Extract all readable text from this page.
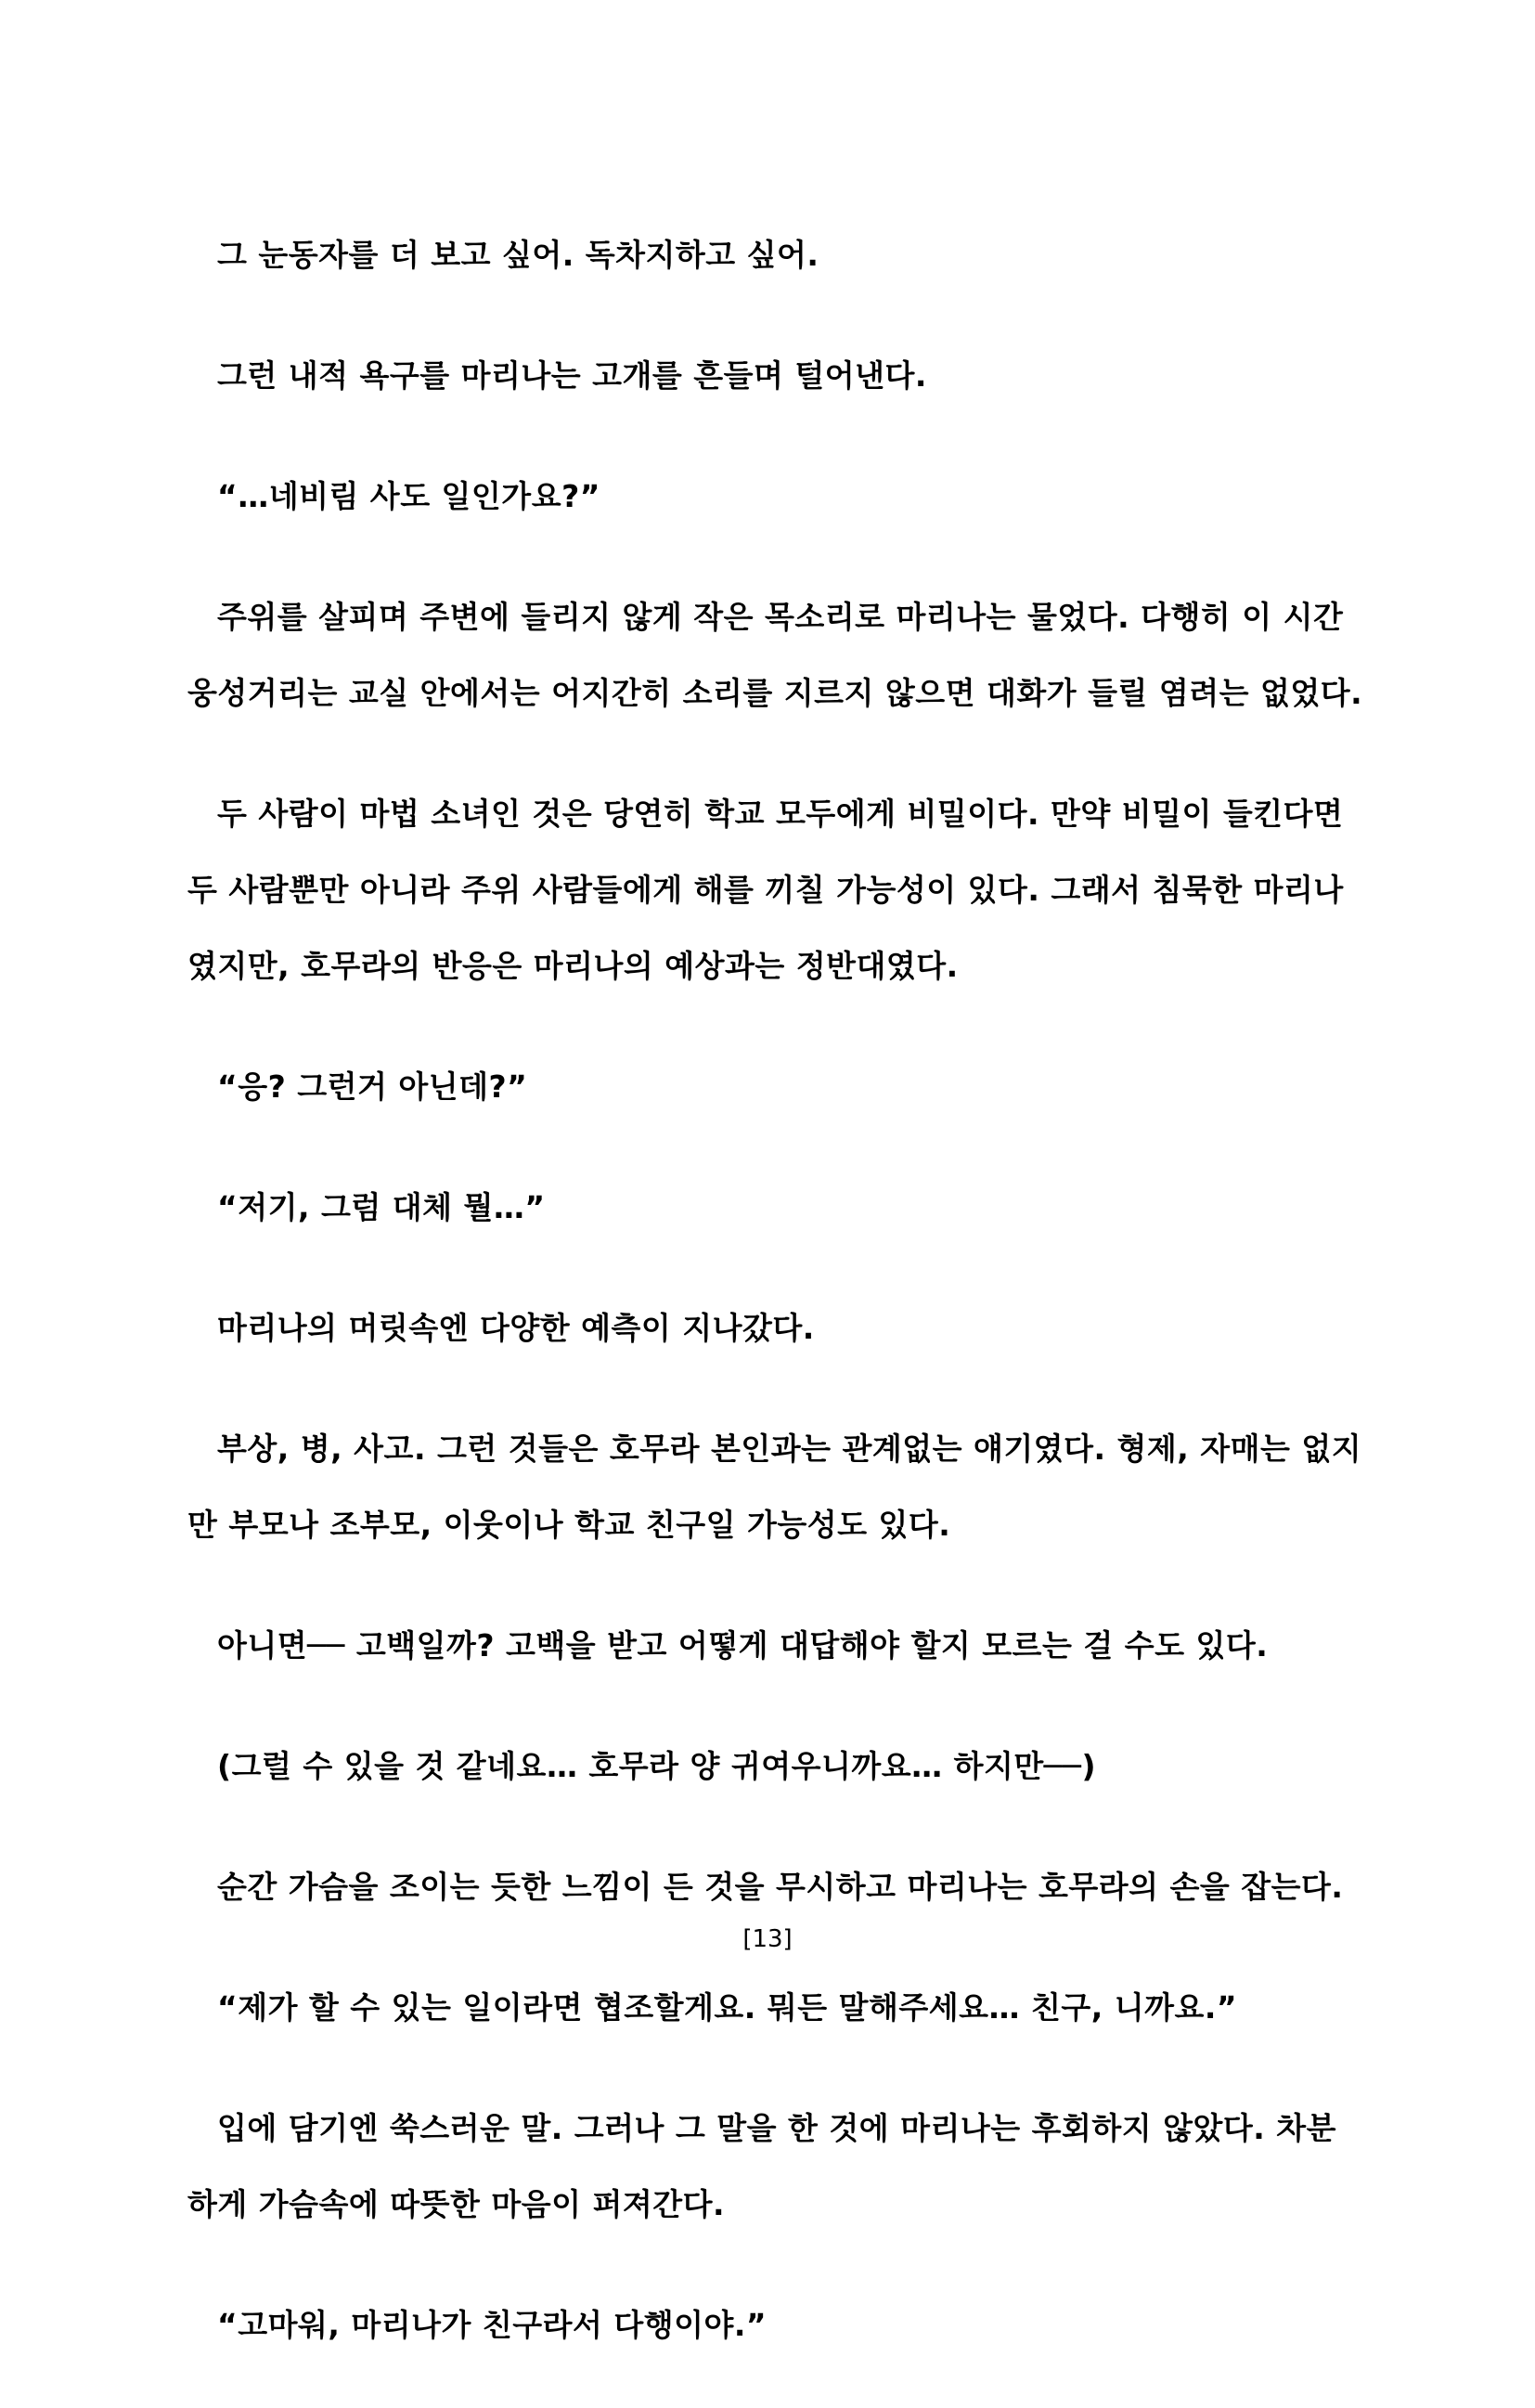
그 눈동자를 더 보고 싶어. 독차지하고 싶어.
그런 내적 욕구를 마리나는 고개를 흔들며 털어낸다.
“…네비림 사도 일인가요?”
주위를 살피며 주변에 들리지 않게 작은 목소리로 마리나는 물었다. 다행히 이 시간
웅성거리는 교실 안에서는 어지간히 소리를 지르지 않으면 대화가 들릴 염려는 없었다.
두 사람이 마법 소녀인 것은 당연히 학교 모두에게 비밀이다. 만약 비밀이 들킨다면
두 사람뿐만 아니라 주위 사람들에게 해를 끼칠 가능성이 있다. 그래서 침묵한 마리나
였지만, 호무라의 반응은 마리나의 예상과는 정반대였다.
“응? 그런거 아닌데?”
“저기, 그럼 대체 뭘…”
마리나의 머릿속엔 다양한 예측이 지나갔다.
부상, 병, 사고. 그런 것들은 호무라 본인과는 관계없는 얘기였다. 형제, 자매는 없지
만 부모나 조부모, 이웃이나 학교 친구일 가능성도 있다.
아니면── 고백일까? 고백을 받고 어떻게 대답해야 할지 모르는 걸 수도 있다.
(그럴 수 있을 것 같네요… 호무라 양 귀여우니까요… 하지만──)
순간 가슴을 조이는 듯한 느낌이 든 것을 무시하고 마리나는 호무라의 손을 잡는다.
“제가 할 수 있는 일이라면 협조할게요. 뭐든 말해주세요… 친구, 니까요.”
입에 담기엔 쑥스러운 말. 그러나 그 말을 한 것에 마리나는 후회하지 않았다. 차분
하게 가슴속에 따뜻한 마음이 퍼져간다.
“고마워, 마리나가 친구라서 다행이야.”
[13]
